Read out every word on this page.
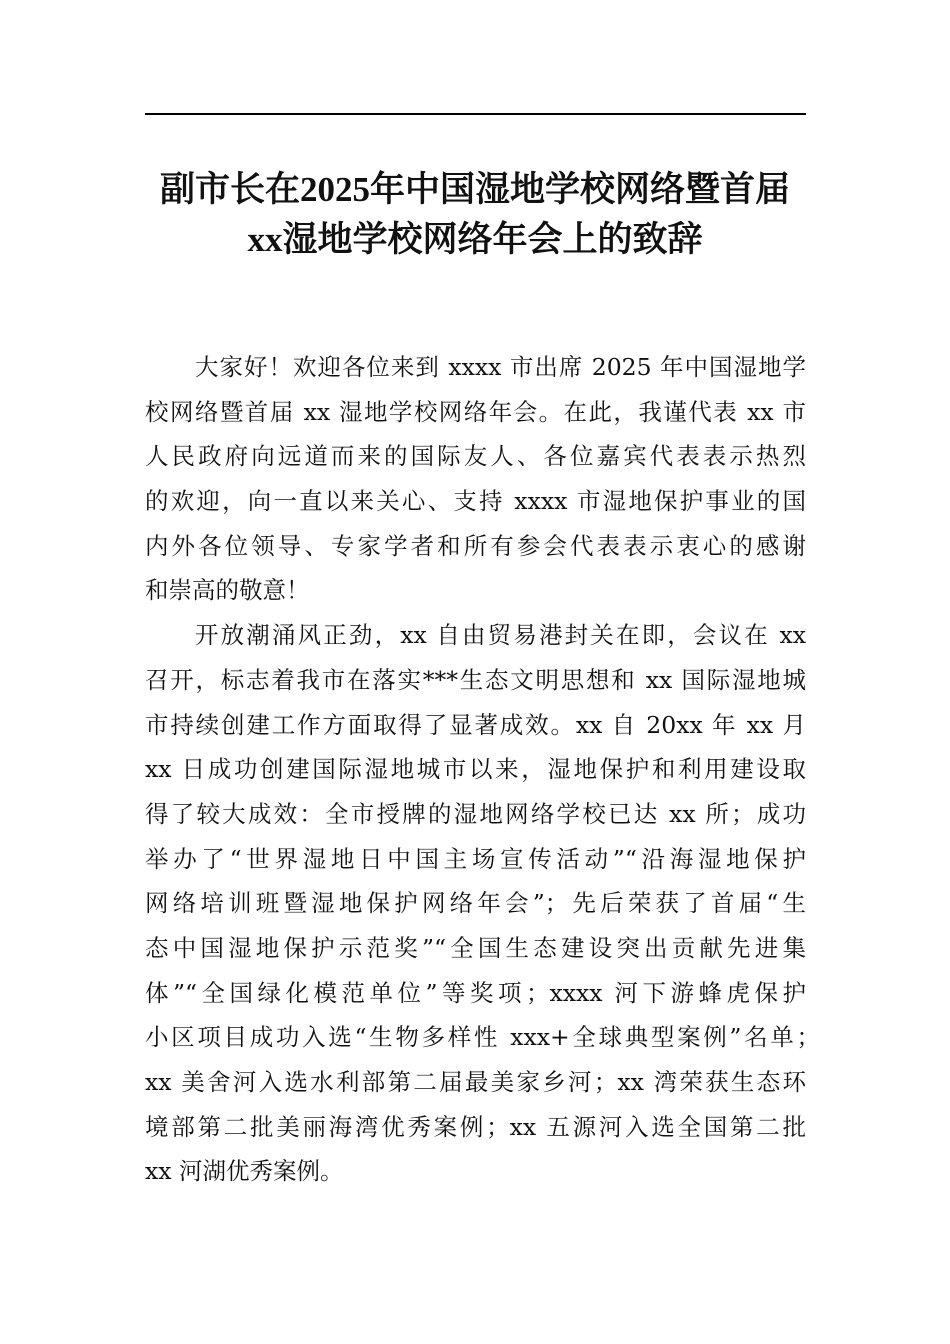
副市长在2025年中国湿地学校网络暨首届
xx湿地学校网络年会上的致辞
大家好！欢迎各位来到 xxxx 市出席 2025 年中国湿地学
校网络暨首届 xx 湿地学校网络年会。在此，我谨代表 xx 市
人民政府向远道而来的国际友人、各位嘉宾代表表示热烈
的欢迎，向一直以来关心、支持 xxxx 市湿地保护事业的国
内外各位领导、专家学者和所有参会代表表示衷心的感谢
和崇高的敬意！
开放潮涌风正劲，xx 自由贸易港封关在即，会议在 xx
召开，标志着我市在落实***生态文明思想和 xx 国际湿地城
市持续创建工作方面取得了显著成效。xx 自 20xx 年 xx 月
xx 日成功创建国际湿地城市以来，湿地保护和利用建设取
得了较大成效：全市授牌的湿地网络学校已达 xx 所；成功
举办了“世界湿地日中国主场宣传活动”“沿海湿地保护
网络培训班暨湿地保护网络年会”；先后荣获了首届“生
态中国湿地保护示范奖”“全国生态建设突出贡献先进集
体”“全国绿化模范单位”等奖项；xxxx 河下游蜂虎保护
小区项目成功入选“生物多样性 xxx+全球典型案例”名单；
xx 美舍河入选水利部第二届最美家乡河；xx 湾荣获生态环
境部第二批美丽海湾优秀案例；xx 五源河入选全国第二批
xx 河湖优秀案例。
